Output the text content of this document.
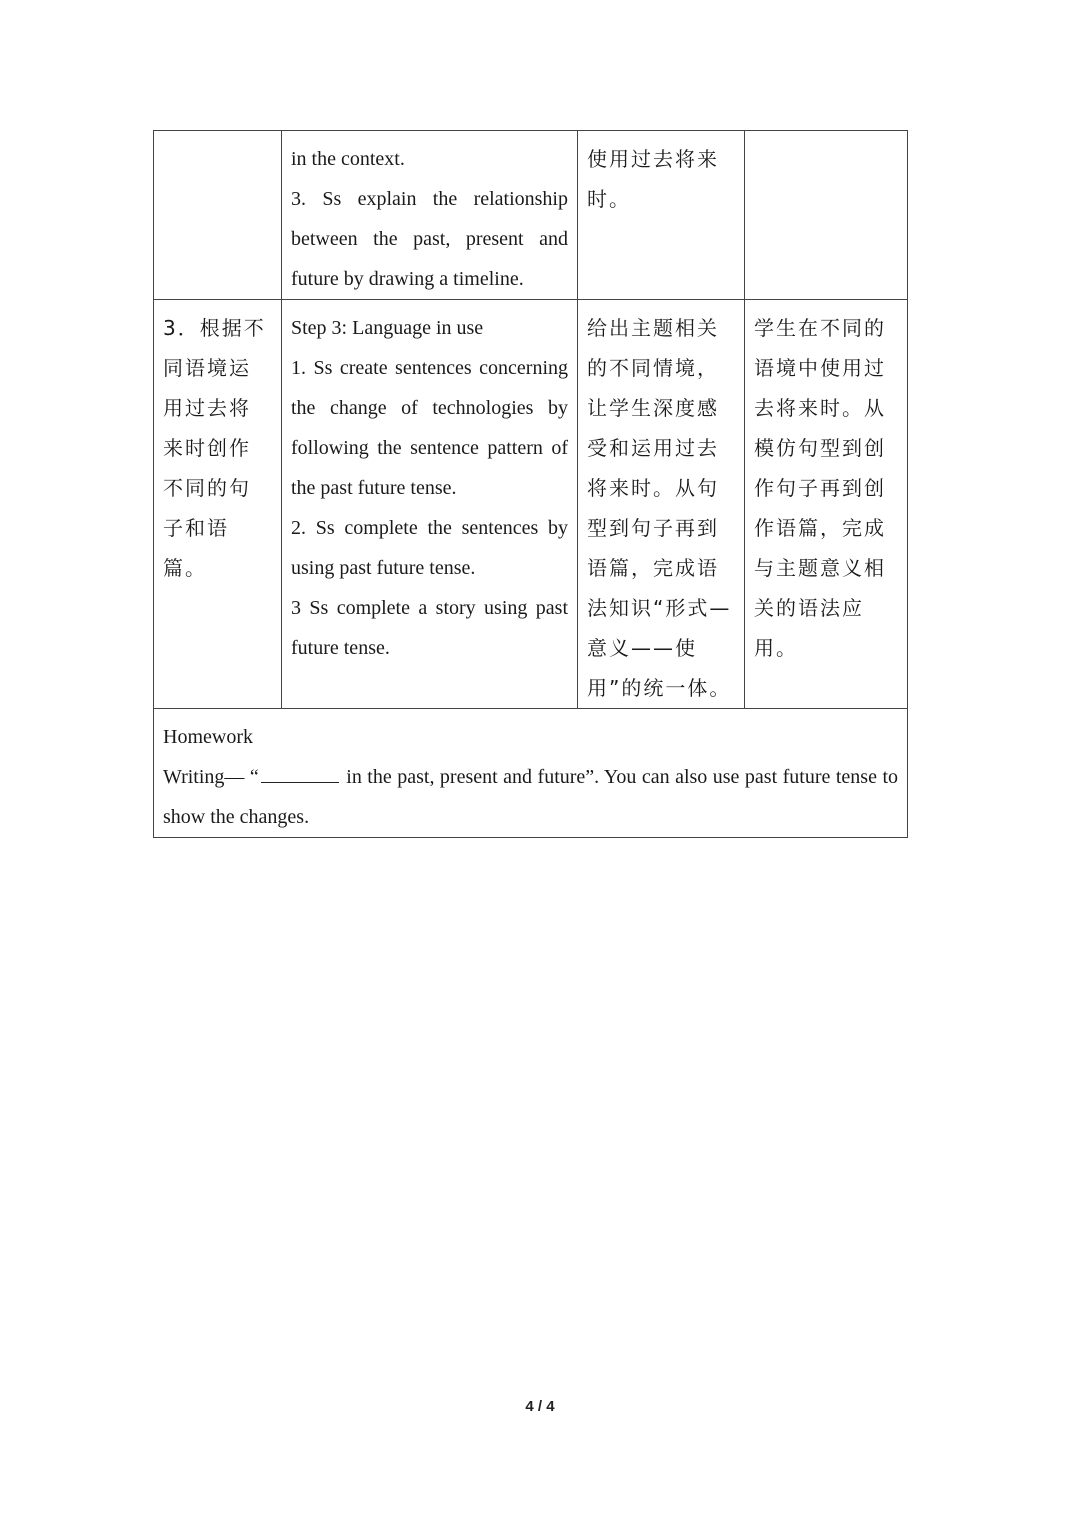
	in the context.
3. Ss explain the relationship between the past, present and future by drawing a timeline.	使用过去将来时。	
3．根据不同语境运用过去将来时创作不同的句子和语篇。	Step 3: Language in use
1. Ss create sentences concerning the change of technologies by following the sentence pattern of the past future tense.
2. Ss complete the sentences by using past future tense.
3 Ss complete a story using past future tense.	给出主题相关的不同情境，让学生深度感受和运用过去将来时。从句型到句子再到语篇，完成语法知识“形式—意义——使用”的统一体。	学生在不同的语境中使用过去将来时。从模仿句型到创作句子再到创作语篇，完成与主题意义相关的语法应用。

Homework
Writing— “ in the past, present and future”. You can also use past future tense to show the changes.			
4 / 4
